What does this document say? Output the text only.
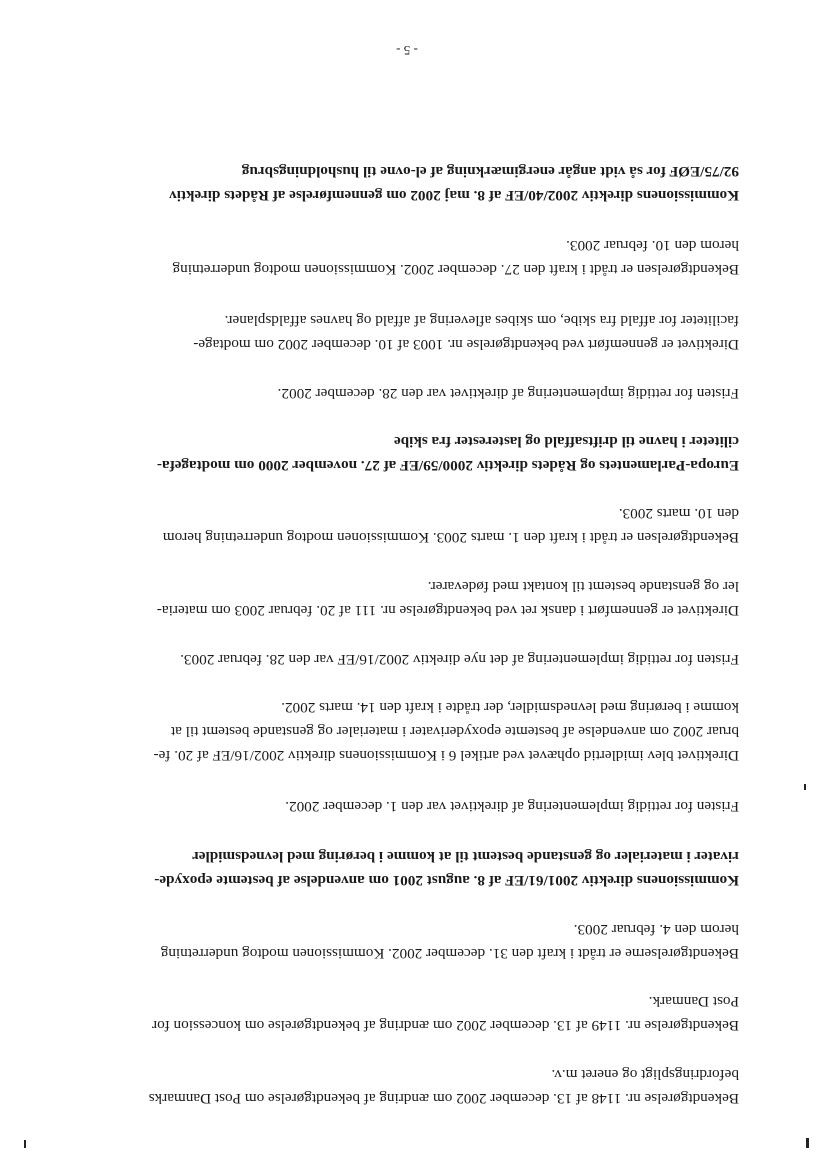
Bekendtgørelse nr. 1148 af 13. december 2002 om ændring af bekendtgørelse om Post Danmarks
befordringspligt og eneret m.v.
Bekendtgørelse nr. 1149 af 13. december 2002 om ændring af bekendtgørelse om koncession for
Post Danmark.
Bekendtgørelserne er trådt i kraft den 31. december 2002. Kommissionen modtog underretning
herom den 4. februar 2003.
Kommissionens direktiv 2001/61/EF af 8. august 2001 om anvendelse af bestemte epoxyde-
rivater i materialer og genstande bestemt til at komme i berøring med levnedsmidler
Fristen for rettidig implementering af direktivet var den 1. december 2002.
Direktivet blev imidlertid ophævet ved artikel 6 i Kommissionens direktiv 2002/16/EF af 20. fe-
bruar 2002 om anvendelse af bestemte epoxyderivater i materialer og genstande bestemt til at
komme i berøring med levnedsmidler, der trådte i kraft den 14. marts 2002.
Fristen for rettidig implementering af det nye direktiv 2002/16/EF var den 28. februar 2003.
Direktivet er gennemført i dansk ret ved bekendtgørelse nr. 111 af 20. februar 2003 om materia-
ler og genstande bestemt til kontakt med fødevarer.
Bekendtgørelsen er trådt i kraft den 1. marts 2003. Kommissionen modtog underretning herom
den 10. marts 2003.
Europa-Parlamentets og Rådets direktiv 2000/59/EF af 27. november 2000 om modtagefa-
ciliteter i havne til driftsaffald og lasterester fra skibe
Fristen for rettidig implementering af direktivet var den 28. december 2002.
Direktivet er gennemført ved bekendtgørelse nr. 1003 af 10. december 2002 om modtage-
faciliteter for affald fra skibe, om skibes aflevering af affald og havnes affaldsplaner.
Bekendtgørelsen er trådt i kraft den 27. december 2002. Kommissionen modtog underretning
herom den 10. februar 2003.
Kommissionens direktiv 2002/40/EF af 8. maj 2002 om gennemførelse af Rådets direktiv
92/75/EØF for så vidt angår energimærkning af el-ovne til husholdningsbrug
- 5 -
